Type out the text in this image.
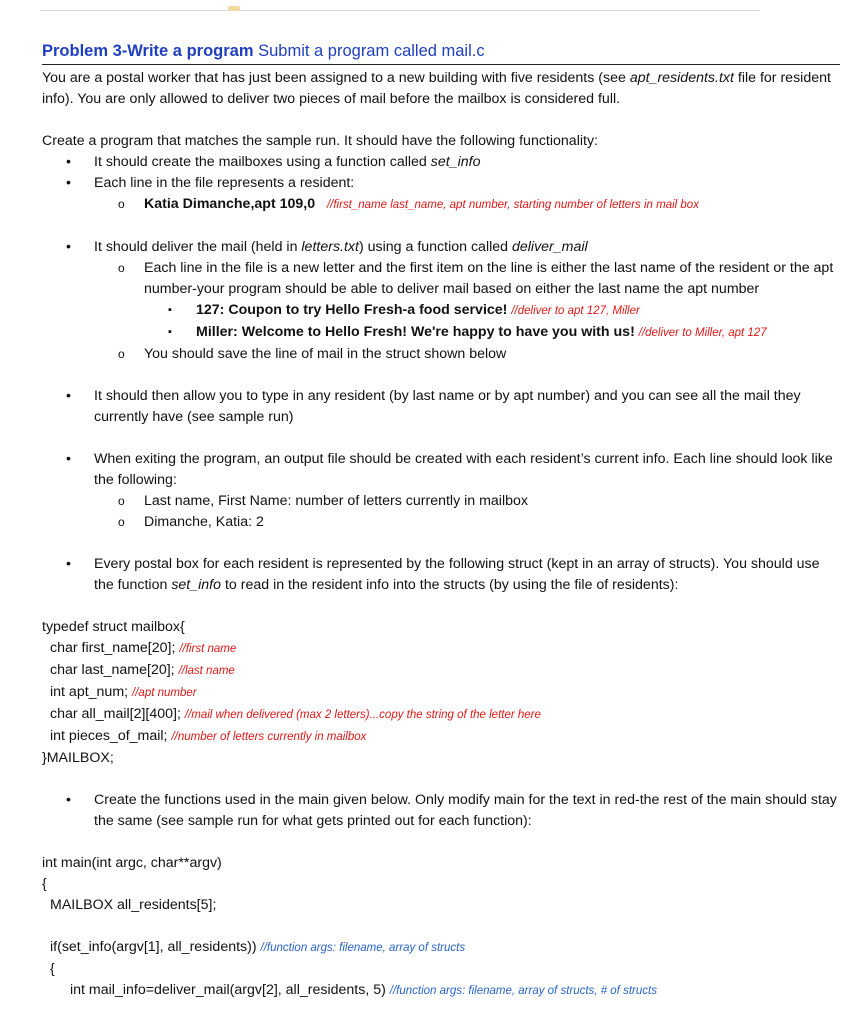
Problem 3-Write a program Submit a program called mail.c

You are a postal worker that has just been assigned to a new building with five residents (see apt_residents.txt file for resident info). You are only allowed to deliver two pieces of mail before the mailbox is considered full.

Create a program that matches the sample run. It should have the following functionality:

• It should create the mailboxes using a function called set_info
• Each line in the file represents a resident:
o Katia Dimanche,apt 109,0 //first_name last_name, apt number, starting number of letters in mail box
• It should deliver the mail (held in letters.txt) using a function called deliver_mail
o Each line in the file is a new letter and the first item on the line is either the last name of the resident or the apt number-your program should be able to deliver mail based on either the last name the apt number
▪ 127: Coupon to try Hello Fresh-a food service! //deliver to apt 127, Miller
▪ Miller: Welcome to Hello Fresh! We're happy to have you with us! //deliver to Miller, apt 127
o You should save the line of mail in the struct shown below
• It should then allow you to type in any resident (by last name or by apt number) and you can see all the mail they currently have (see sample run)
• When exiting the program, an output file should be created with each resident’s current info. Each line should look like the following:
o Last name, First Name: number of letters currently in mailbox
o Dimanche, Katia: 2
• Every postal box for each resident is represented by the following struct (kept in an array of structs). You should use the function set_info to read in the resident info into the structs (by using the file of residents):

typedef struct mailbox{

char first_name[20]; //first name

char last_name[20]; //last name

int apt_num; //apt number

char all_mail[2][400]; //mail when delivered (max 2 letters)...copy the string of the letter here

int pieces_of_mail; //number of letters currently in mailbox

}MAILBOX;

• Create the functions used in the main given below. Only modify main for the text in red-the rest of the main should stay the same (see sample run for what gets printed out for each function):

int main(int argc, char**argv)

{

MAILBOX all_residents[5];

if(set_info(argv[1], all_residents)) //function args: filename, array of structs

{

int mail_info=deliver_mail(argv[2], all_residents, 5) //function args: filename, array of structs, # of structs
